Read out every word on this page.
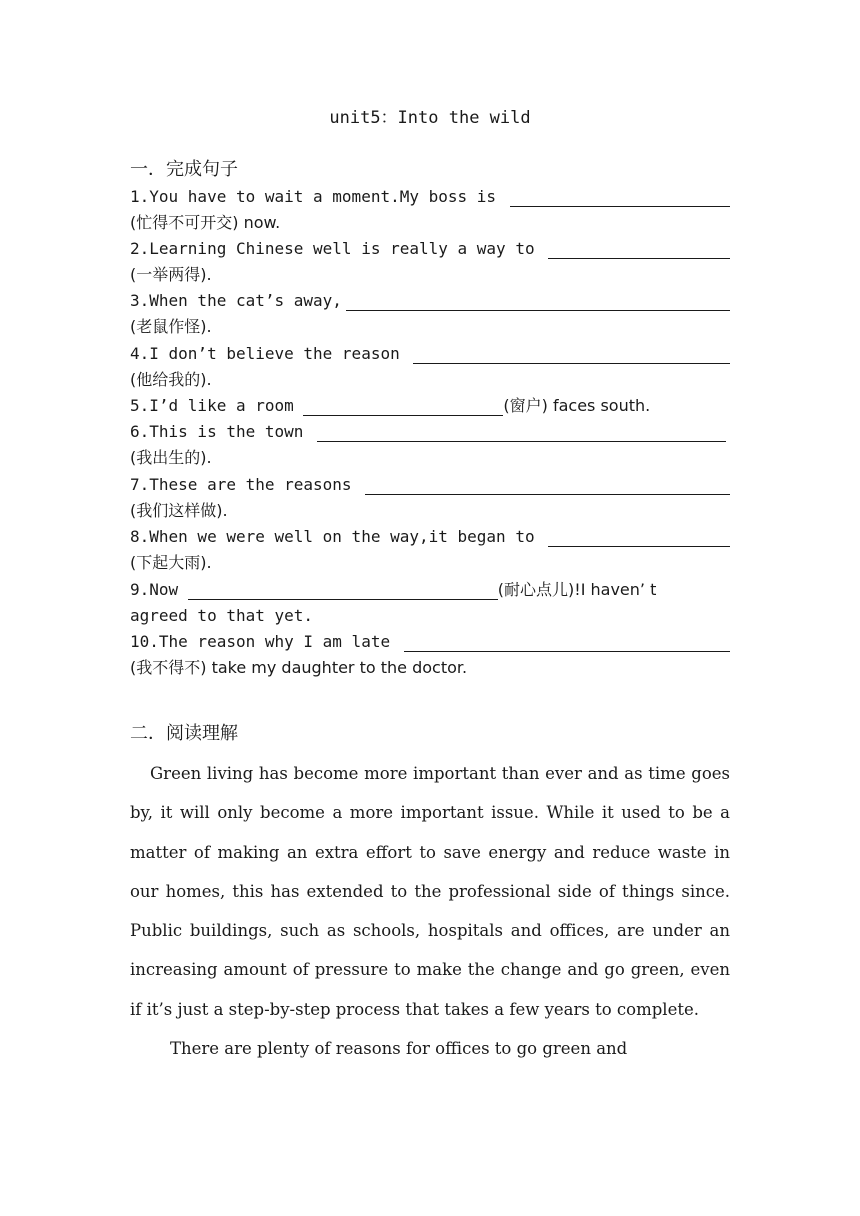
unit5：Into the wild
一．完成句子
1.You have to wait a moment.My boss is
(忙得不可开交) now.
2.Learning Chinese well is really a way to
(一举两得).
3.When the cat’s away,
(老鼠作怪).
4.I don’t believe the reason
(他给我的).
5.I’d like a room	(窗户) faces south.
6.This is the town
(我出生的).
7.These are the reasons
(我们这样做).
8.When we were well on the way,it began to
(下起大雨).
9.Now	(耐心点儿)!I haven’ t
agreed to that yet.
10.The reason why I am late
(我不得不) take my daughter to the doctor.
二．阅读理解

Green living has become more important than ever and as time goes by, it will only become a more important issue. While it used to be a matter of making an extra effort to save energy and reduce waste in our homes, this has extended to the professional side of things since. Public buildings, such as schools, hospitals and offices, are under an increasing amount of pressure to make the change and go green, even if it’s just a step-by-step process that takes a few years to complete.

There are plenty of reasons for offices to go green and
